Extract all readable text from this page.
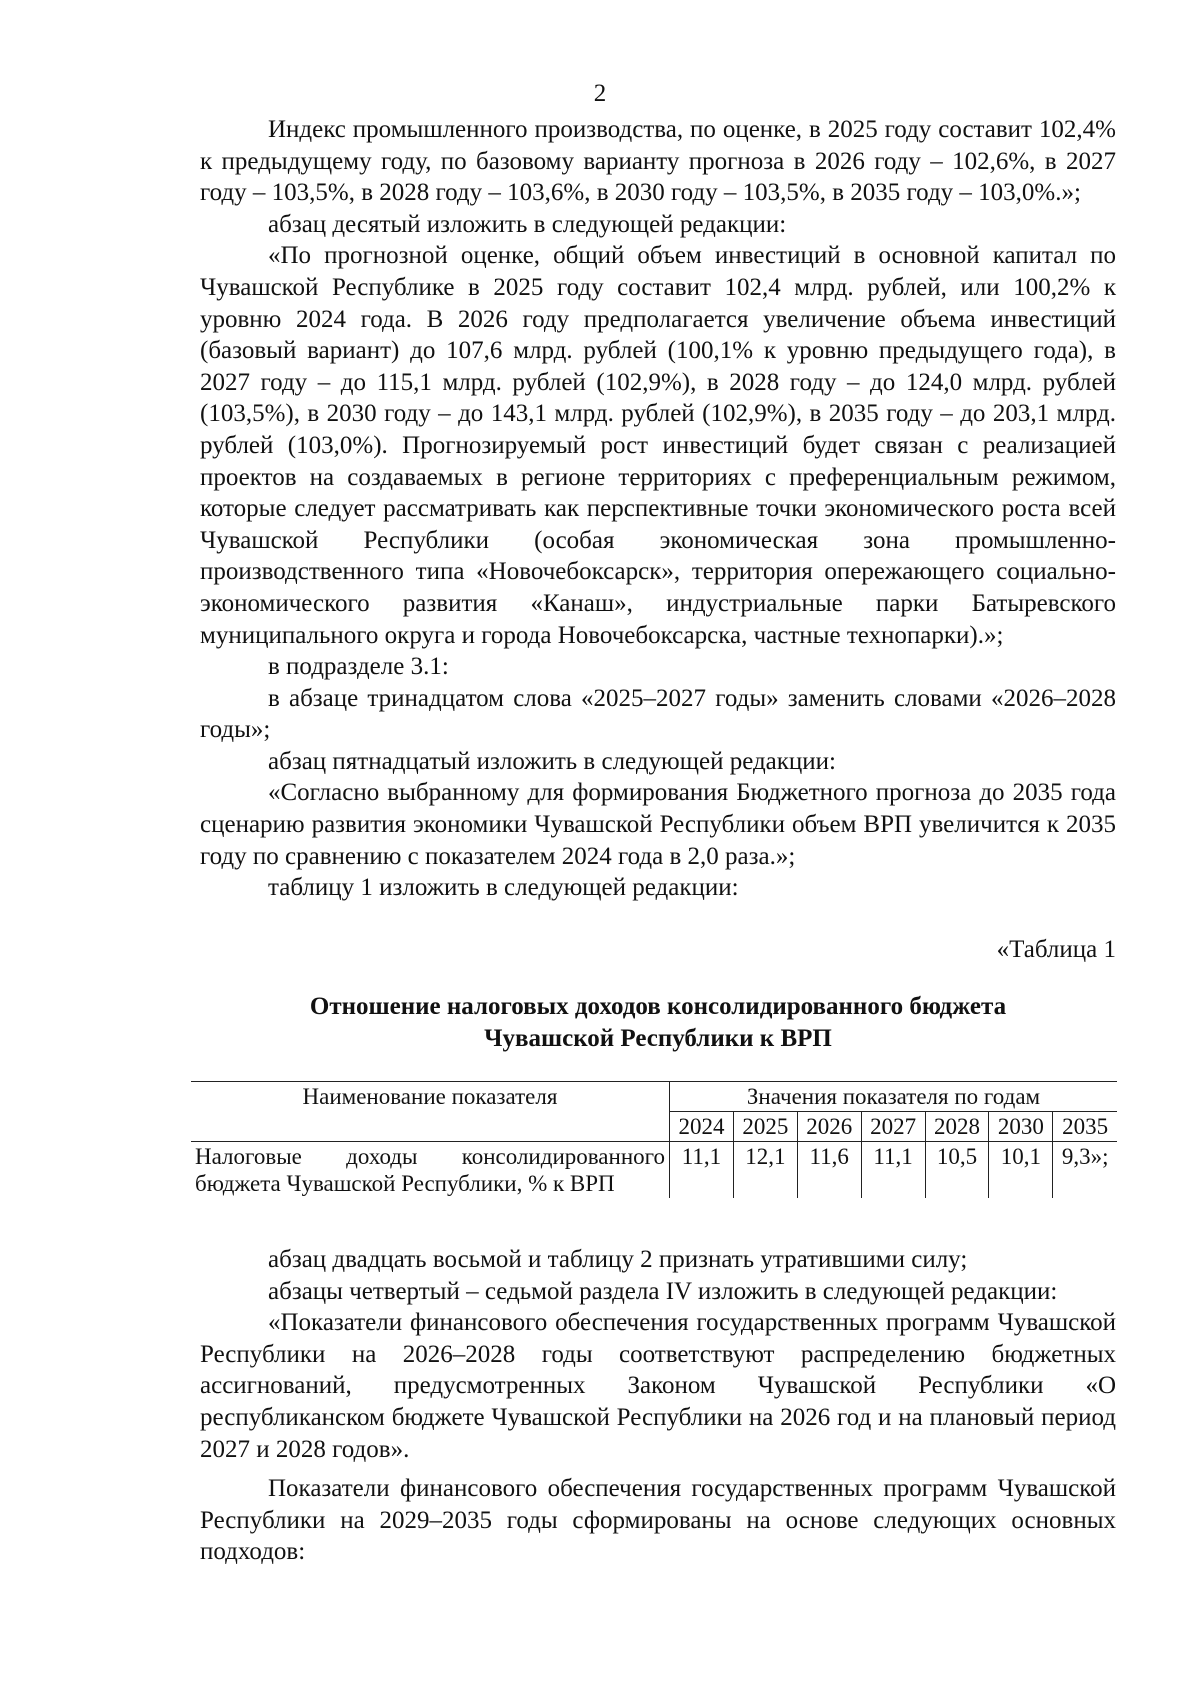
2

Индекс промышленного производства, по оценке, в 2025 году составит 102,4% к предыдущему году, по базовому варианту прогноза в 2026 году – 102,6%, в 2027 году – 103,5%, в 2028 году – 103,6%, в 2030 году – 103,5%, в 2035 году – 103,0%.»;

абзац десятый изложить в следующей редакции:

«По прогнозной оценке, общий объем инвестиций в основной капитал по Чувашской Республике в 2025 году составит 102,4 млрд. рублей, или 100,2% к уровню 2024 года. В 2026 году предполагается увеличение объема инвестиций (базовый вариант) до 107,6 млрд. рублей (100,1% к уровню предыдущего года), в 2027 году – до 115,1 млрд. рублей (102,9%), в 2028 году – до 124,0 млрд. рублей (103,5%), в 2030 году – до 143,1 млрд. рублей (102,9%), в 2035 году – до 203,1 млрд. рублей (103,0%). Прогнозируемый рост инвестиций будет связан с реализацией проектов на создаваемых в регионе территориях с преференциальным режимом, которые следует рассматривать как перспективные точки экономического роста всей Чувашской Республики (особая экономическая зона промышленно-производственного типа «Новочебоксарск», территория опережающего социально-экономического развития «Канаш», индустриальные парки Батыревского муниципального округа и города Новочебоксарска, частные технопарки).»;

в подразделе 3.1:

в абзаце тринадцатом слова «2025–2027 годы» заменить словами «2026–2028 годы»;

абзац пятнадцатый изложить в следующей редакции:

«Согласно выбранному для формирования Бюджетного прогноза до 2035 года сценарию развития экономики Чувашской Республики объем ВРП увеличится к 2035 году по сравнению с показателем 2024 года в 2,0 раза.»;

таблицу 1 изложить в следующей редакции:

«Таблица 1
Отношение налоговых доходов консолидированного бюджета
Чувашской Республики к ВРП
Наименование показателя	Значения показателя по годам						
	2024	2025	2026	2027	2028	2030	2035
Налоговые доходы консолидированного бюджета Чувашской Республики, % к ВРП	11,1	12,1	11,6	11,1	10,5	10,1	9,3»;

абзац двадцать восьмой и таблицу 2 признать утратившими силу;

абзацы четвертый – седьмой раздела IV изложить в следующей редакции:

«Показатели финансового обеспечения государственных программ Чувашской Республики на 2026–2028 годы соответствуют распределению бюджетных ассигнований, предусмотренных Законом Чувашской Республики «О республиканском бюджете Чувашской Республики на 2026 год и на плановый период 2027 и 2028 годов».

Показатели финансового обеспечения государственных программ Чувашской Республики на 2029–2035 годы сформированы на основе следующих основных подходов:
